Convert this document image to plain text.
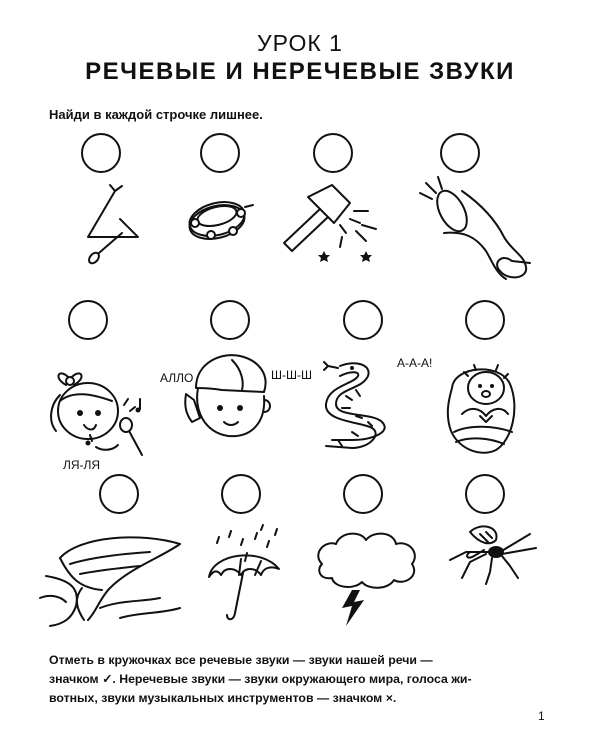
УРОК 1
РЕЧЕВЫЕ И НЕРЕЧЕВЫЕ ЗВУКИ
Найди в каждой строчке лишнее.
ЛЯ-ЛЯ
АЛЛО	Ш-Ш-Ш
А-А-А!
Отметь в кружочках все речевые звуки — звуки нашей речи —
значком ✓. Неречевые звуки — звуки окружающего мира, голоса жи-
вотных, звуки музыкальных инструментов — значком ×.
1
